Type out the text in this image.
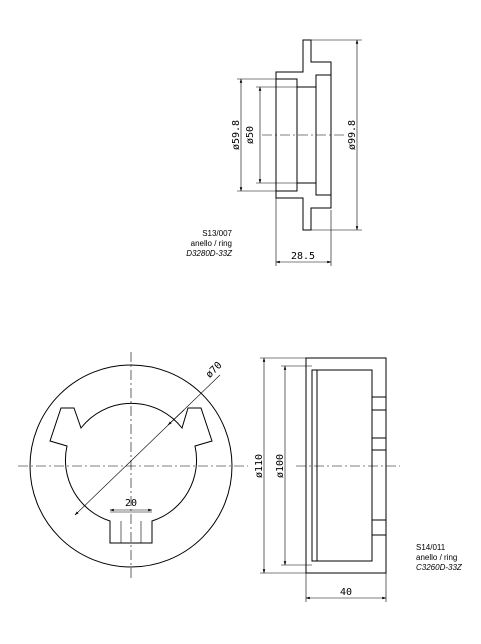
ø59.8 ø50	ø99.8
28.5
S13/007
anello / ring
D3280D-33Z
ø70
20
ø110 ø100
40
S14/011
anello / ring
C3260D-33Z
